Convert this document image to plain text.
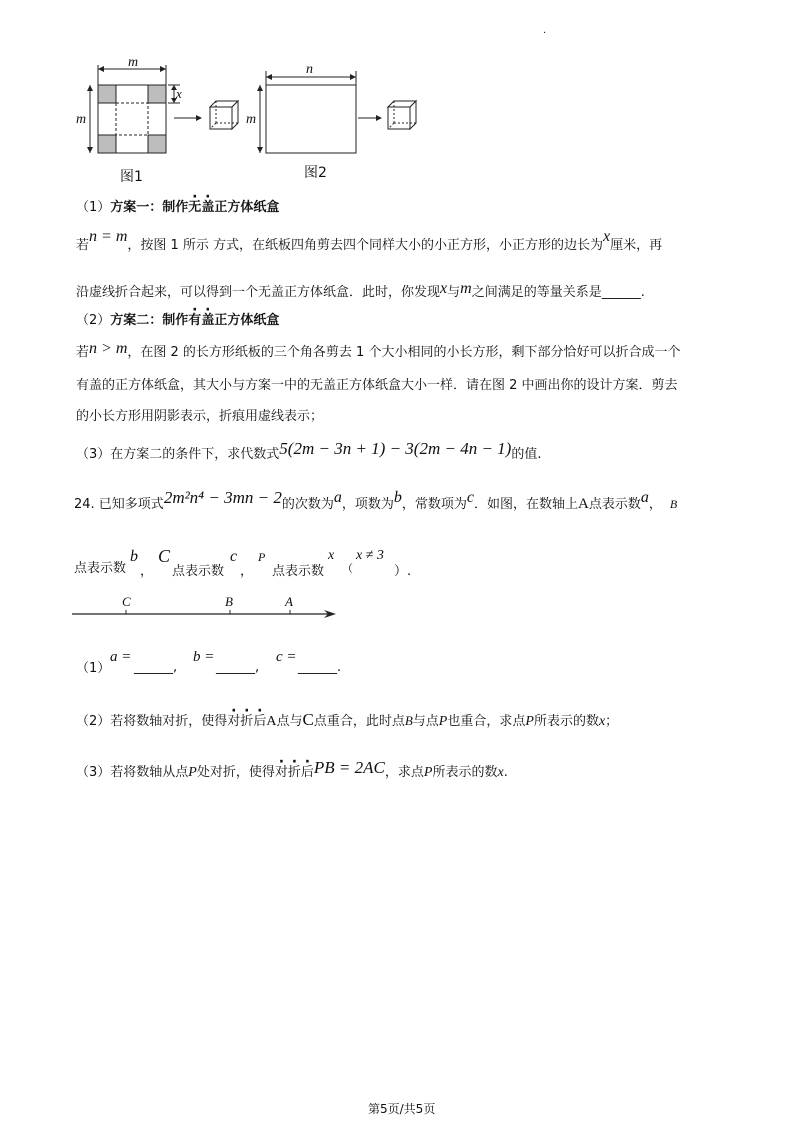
·
m
m
x
n
m
图1	图2
（1）方案一：制作无盖正方体纸盒
若n = m，按图 1 所示 方式，在纸板四角剪去四个同样大小的小正方形，小正方形的边长为x厘米，再
沿虚线折合起来，可以得到一个无盖正方体纸盒．此时，你发现x与m之间满足的等量关系是______.
（2）方案二：制作有盖正方体纸盒
若n > m，在图 2 的长方形纸板的三个角各剪去 1 个大小相同的小长方形，剩下部分恰好可以折合成一个
有盖的正方体纸盒，其大小与方案一中的无盖正方体纸盒大小一样．请在图 2 中画出你的设计方案．剪去
的小长方形用阴影表示，折痕用虚线表示；
（3）在方案二的条件下，求代数式5(2m − 3n + 1) − 3(2m − 4n − 1)的值.
24. 已知多项式2m²n⁴ − 3mn − 2的次数为a，项数为b，常数项为c．如图，在数轴上A点表示数a， B
点表示数
b
，
C
点表示数
c
，
P
点表示数
x
（
x ≠ 3
）.
C	B	A
（1）
a =
______,
b =
______,
c =
______.
（2）若将数轴对折，使得对折后A点与C点重合，此时点B与点P也重合，求点P所表示的数x；
（3）若将数轴从点P处对折，使得对折后PB = 2AC，求点P所表示的数x.
第5页/共5页
